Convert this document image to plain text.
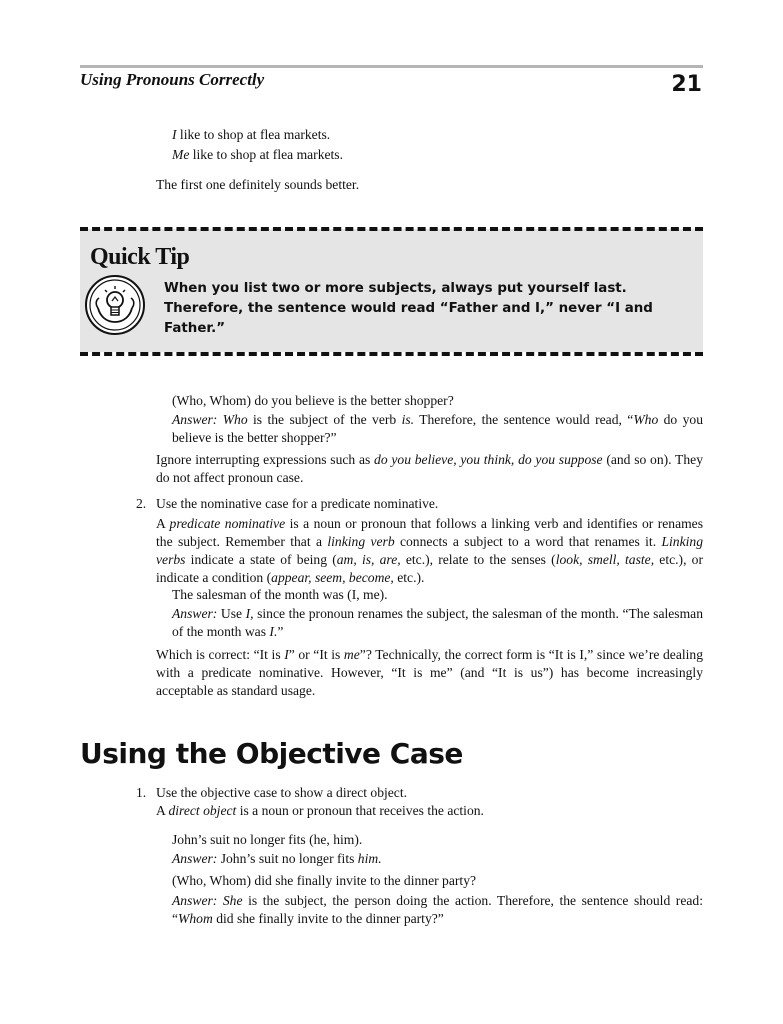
Using Pronouns Correctly	21

I like to shop at flea markets.

Me like to shop at flea markets.

The first one definitely sounds better.

Quick Tip
When you list two or more subjects, always put yourself last. Therefore, the sentence would read “Father and I,” never “I and Father.”

(Who, Whom) do you believe is the better shopper?

Answer: Who is the subject of the verb is. Therefore, the sentence would read, “Who do you believe is the better shopper?”

Ignore interrupting expressions such as do you believe, you think, do you suppose (and so on). They do not affect pronoun case.

2. Use the nominative case for a predicate nominative.

A predicate nominative is a noun or pronoun that follows a linking verb and identifies or renames the subject. Remember that a linking verb connects a subject to a word that renames it. Linking verbs indicate a state of being (am, is, are, etc.), relate to the senses (look, smell, taste, etc.), or indicate a condition (appear, seem, become, etc.).

The salesman of the month was (I, me).

Answer: Use I, since the pronoun renames the subject, the salesman of the month. “The salesman of the month was I.”

Which is correct: “It is I” or “It is me”? Technically, the correct form is “It is I,” since we’re dealing with a predicate nominative. However, “It is me” (and “It is us”) has become increasingly acceptable as standard usage.

Using the Objective Case
1. Use the objective case to show a direct object.

A direct object is a noun or pronoun that receives the action.

John’s suit no longer fits (he, him).

Answer: John’s suit no longer fits him.

(Who, Whom) did she finally invite to the dinner party?

Answer: She is the subject, the person doing the action. Therefore, the sentence should read: “Whom did she finally invite to the dinner party?”
